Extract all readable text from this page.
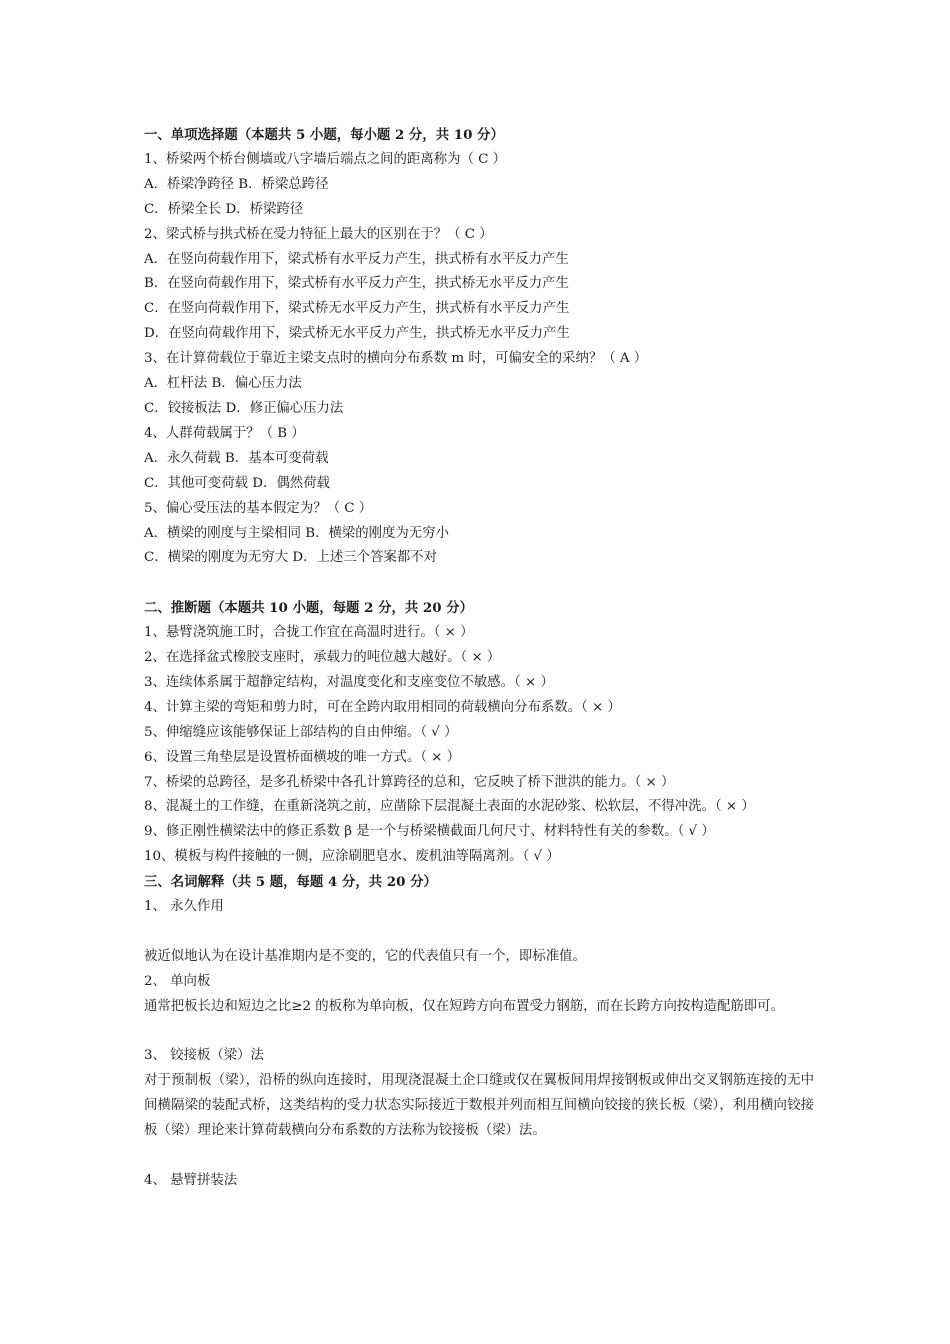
一、单项选择题（本题共 5 小题，每小题 2 分，共 10 分）
1、桥梁两个桥台侧墙或八字墙后端点之间的距离称为（ C ）
A．桥梁净跨径 B．桥梁总跨径
C．桥梁全长 D．桥梁跨径
2、梁式桥与拱式桥在受力特征上最大的区别在于？（ C ）
A．在竖向荷载作用下，梁式桥有水平反力产生，拱式桥有水平反力产生
B．在竖向荷载作用下，梁式桥有水平反力产生，拱式桥无水平反力产生
C．在竖向荷载作用下，梁式桥无水平反力产生，拱式桥有水平反力产生
D．在竖向荷载作用下，梁式桥无水平反力产生，拱式桥无水平反力产生
3、在计算荷载位于靠近主梁支点时的横向分布系数 m 时，可偏安全的采纳？（ A ）
A．杠杆法 B．偏心压力法
C．铰接板法 D．修正偏心压力法
4、人群荷载属于？（ B ）
A．永久荷载 B．基本可变荷载
C．其他可变荷载 D．偶然荷载
5、偏心受压法的基本假定为？（ C ）
A．横梁的刚度与主梁相同 B．横梁的刚度为无穷小
C．横梁的刚度为无穷大 D．上述三个答案都不对
二、推断题（本题共 10 小题，每题 2 分，共 20 分）
1、悬臂浇筑施工时，合拢工作宜在高温时进行。（ × ）
2、在选择盆式橡胶支座时，承载力的吨位越大越好。（ × ）
3、连续体系属于超静定结构，对温度变化和支座变位不敏感。（ × ）
4、计算主梁的弯矩和剪力时，可在全跨内取用相同的荷载横向分布系数。（ × ）
5、伸缩缝应该能够保证上部结构的自由伸缩。（ √ ）
6、设置三角垫层是设置桥面横坡的唯一方式。（ × ）
7、桥梁的总跨径，是多孔桥梁中各孔计算跨径的总和，它反映了桥下泄洪的能力。（ × ）
8、混凝土的工作缝，在重新浇筑之前，应凿除下层混凝土表面的水泥砂浆、松软层，不得冲洗。（ × ）
9、修正刚性横梁法中的修正系数 β 是一个与桥梁横截面几何尺寸、材料特性有关的参数。（ √ ）
10、模板与构件接触的一侧，应涂刷肥皂水、废机油等隔离剂。（ √ ）
三、名词解释（共 5 题，每题 4 分，共 20 分）
1、 永久作用
被近似地认为在设计基准期内是不变的，它的代表值只有一个，即标准值。
2、 单向板
通常把板长边和短边之比≥2 的板称为单向板，仅在短跨方向布置受力钢筋，而在长跨方向按构造配筋即可。
3、 铰接板（梁）法
对于预制板（梁），沿桥的纵向连接时，用现浇混凝土企口缝或仅在翼板间用焊接钢板或伸出交叉钢筋连接的无中间横隔梁的装配式桥，这类结构的受力状态实际接近于数根并列而相互间横向铰接的狭长板（梁），利用横向铰接板（梁）理论来计算荷载横向分布系数的方法称为铰接板（梁）法。
4、 悬臂拼装法
